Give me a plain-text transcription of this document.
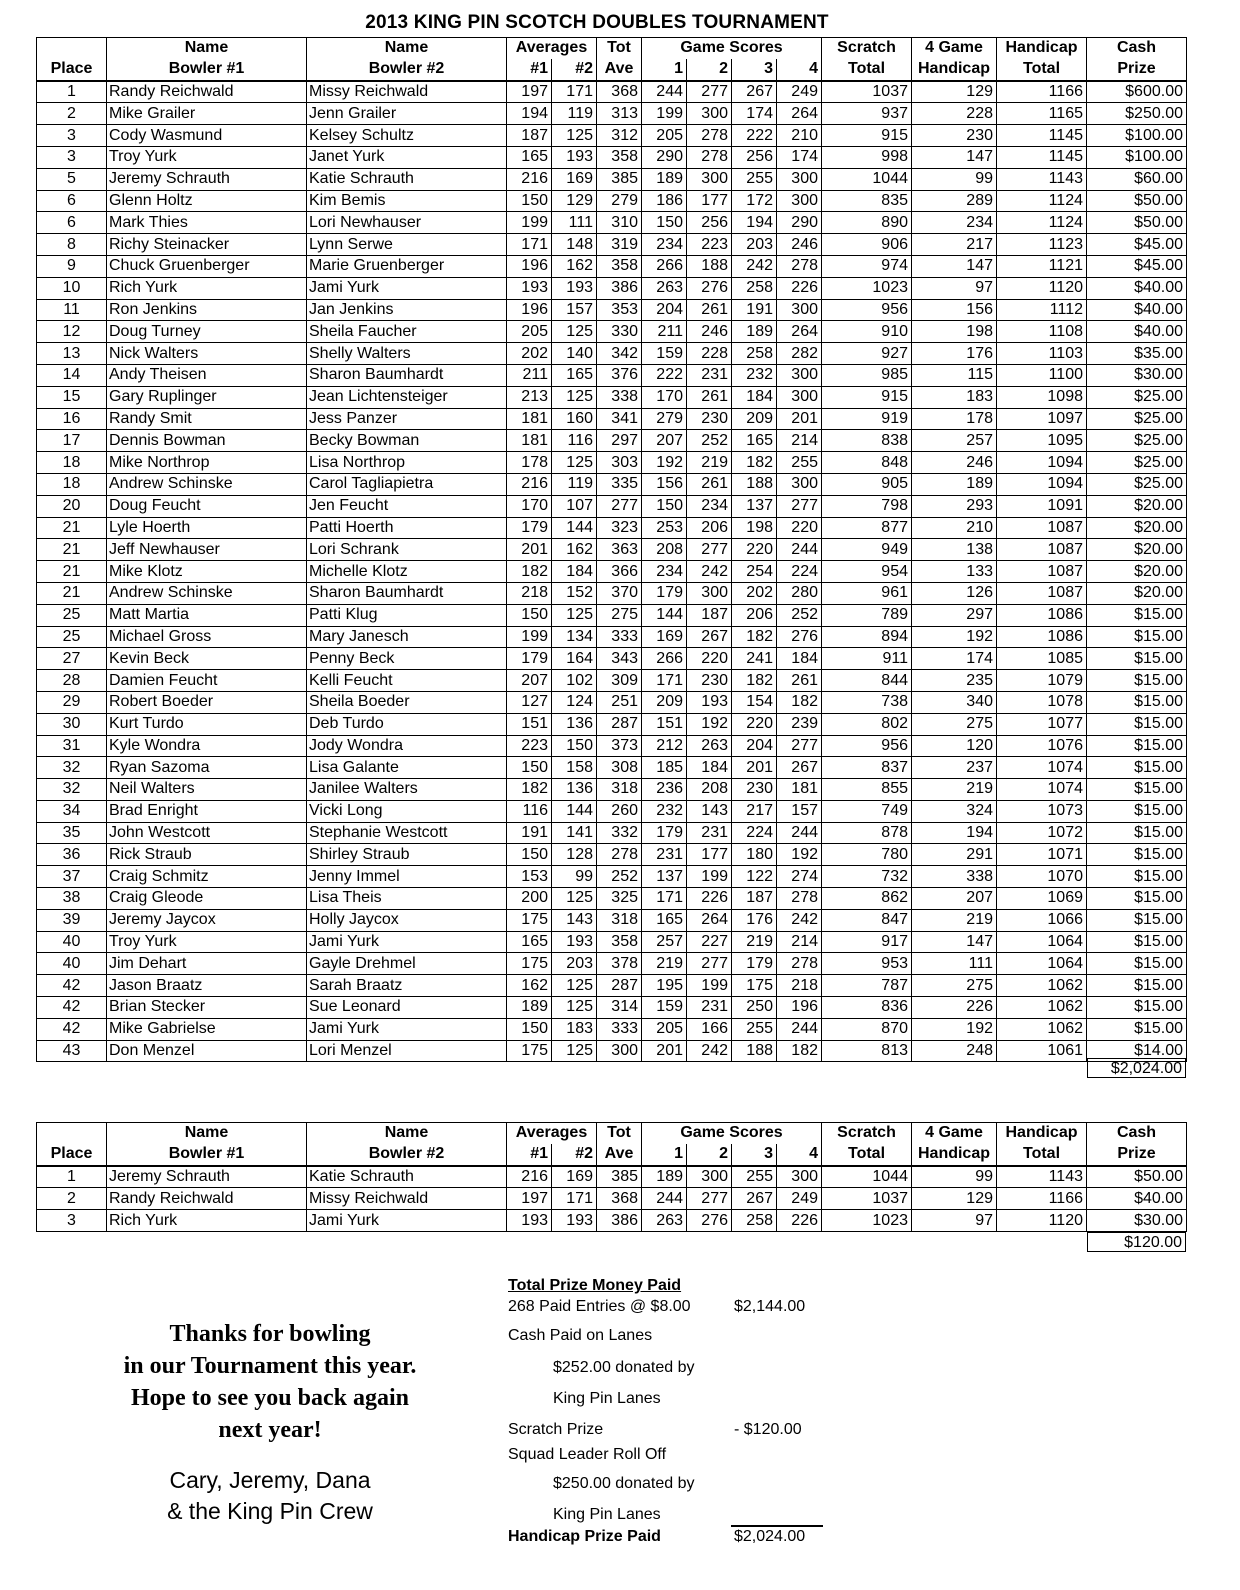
2013 KING PIN SCOTCH DOUBLES TOURNAMENT
	Name	Name	Averages		Tot	Game Scores				Scratch	4 Game	Handicap	Cash
Place	Bowler #1	Bowler #2	#1	#2	Ave	1	2	3	4	Total	Handicap	Total	Prize
1	Randy Reichwald	Missy Reichwald	197	171	368	244	277	267	249	1037	129	1166	$600.00
2	Mike Grailer	Jenn Grailer	194	119	313	199	300	174	264	937	228	1165	$250.00
3	Cody Wasmund	Kelsey Schultz	187	125	312	205	278	222	210	915	230	1145	$100.00
3	Troy Yurk	Janet Yurk	165	193	358	290	278	256	174	998	147	1145	$100.00
5	Jeremy Schrauth	Katie Schrauth	216	169	385	189	300	255	300	1044	99	1143	$60.00
6	Glenn Holtz	Kim Bemis	150	129	279	186	177	172	300	835	289	1124	$50.00
6	Mark Thies	Lori Newhauser	199	111	310	150	256	194	290	890	234	1124	$50.00
8	Richy Steinacker	Lynn Serwe	171	148	319	234	223	203	246	906	217	1123	$45.00
9	Chuck Gruenberger	Marie Gruenberger	196	162	358	266	188	242	278	974	147	1121	$45.00
10	Rich Yurk	Jami Yurk	193	193	386	263	276	258	226	1023	97	1120	$40.00
11	Ron Jenkins	Jan Jenkins	196	157	353	204	261	191	300	956	156	1112	$40.00
12	Doug Turney	Sheila Faucher	205	125	330	211	246	189	264	910	198	1108	$40.00
13	Nick Walters	Shelly Walters	202	140	342	159	228	258	282	927	176	1103	$35.00
14	Andy Theisen	Sharon Baumhardt	211	165	376	222	231	232	300	985	115	1100	$30.00
15	Gary Ruplinger	Jean Lichtensteiger	213	125	338	170	261	184	300	915	183	1098	$25.00
16	Randy Smit	Jess Panzer	181	160	341	279	230	209	201	919	178	1097	$25.00
17	Dennis Bowman	Becky Bowman	181	116	297	207	252	165	214	838	257	1095	$25.00
18	Mike Northrop	Lisa Northrop	178	125	303	192	219	182	255	848	246	1094	$25.00
18	Andrew Schinske	Carol Tagliapietra	216	119	335	156	261	188	300	905	189	1094	$25.00
20	Doug Feucht	Jen Feucht	170	107	277	150	234	137	277	798	293	1091	$20.00
21	Lyle Hoerth	Patti Hoerth	179	144	323	253	206	198	220	877	210	1087	$20.00
21	Jeff Newhauser	Lori Schrank	201	162	363	208	277	220	244	949	138	1087	$20.00
21	Mike Klotz	Michelle Klotz	182	184	366	234	242	254	224	954	133	1087	$20.00
21	Andrew Schinske	Sharon Baumhardt	218	152	370	179	300	202	280	961	126	1087	$20.00
25	Matt Martia	Patti Klug	150	125	275	144	187	206	252	789	297	1086	$15.00
25	Michael Gross	Mary Janesch	199	134	333	169	267	182	276	894	192	1086	$15.00
27	Kevin Beck	Penny Beck	179	164	343	266	220	241	184	911	174	1085	$15.00
28	Damien Feucht	Kelli Feucht	207	102	309	171	230	182	261	844	235	1079	$15.00
29	Robert Boeder	Sheila Boeder	127	124	251	209	193	154	182	738	340	1078	$15.00
30	Kurt Turdo	Deb Turdo	151	136	287	151	192	220	239	802	275	1077	$15.00
31	Kyle Wondra	Jody Wondra	223	150	373	212	263	204	277	956	120	1076	$15.00
32	Ryan Sazoma	Lisa Galante	150	158	308	185	184	201	267	837	237	1074	$15.00
32	Neil Walters	Janilee Walters	182	136	318	236	208	230	181	855	219	1074	$15.00
34	Brad Enright	Vicki Long	116	144	260	232	143	217	157	749	324	1073	$15.00
35	John Westcott	Stephanie Westcott	191	141	332	179	231	224	244	878	194	1072	$15.00
36	Rick Straub	Shirley Straub	150	128	278	231	177	180	192	780	291	1071	$15.00
37	Craig Schmitz	Jenny Immel	153	99	252	137	199	122	274	732	338	1070	$15.00
38	Craig Gleode	Lisa Theis	200	125	325	171	226	187	278	862	207	1069	$15.00
39	Jeremy Jaycox	Holly Jaycox	175	143	318	165	264	176	242	847	219	1066	$15.00
40	Troy Yurk	Jami Yurk	165	193	358	257	227	219	214	917	147	1064	$15.00
40	Jim Dehart	Gayle Drehmel	175	203	378	219	277	179	278	953	111	1064	$15.00
42	Jason Braatz	Sarah Braatz	162	125	287	195	199	175	218	787	275	1062	$15.00
42	Brian Stecker	Sue Leonard	189	125	314	159	231	250	196	836	226	1062	$15.00
42	Mike Gabrielse	Jami Yurk	150	183	333	205	166	255	244	870	192	1062	$15.00
43	Don Menzel	Lori Menzel	175	125	300	201	242	188	182	813	248	1061	$14.00
$2,024.00
	Name	Name	Averages		Tot	Game Scores				Scratch	4 Game	Handicap	Cash
Place	Bowler #1	Bowler #2	#1	#2	Ave	1	2	3	4	Total	Handicap	Total	Prize
1	Jeremy Schrauth	Katie Schrauth	216	169	385	189	300	255	300	1044	99	1143	$50.00
2	Randy Reichwald	Missy Reichwald	197	171	368	244	277	267	249	1037	129	1166	$40.00
3	Rich Yurk	Jami Yurk	193	193	386	263	276	258	226	1023	97	1120	$30.00
$120.00
Thanks for bowling
in our Tournament this year.
Hope to see you back again
next year!
Cary, Jeremy, Dana
& the King Pin Crew
Total Prize Money Paid
268 Paid Entries @ $8.00	$2,144.00
Cash Paid on Lanes
$252.00 donated by
King Pin Lanes
Scratch Prize	- $120.00
Squad Leader Roll Off
$250.00 donated by
King Pin Lanes
Handicap Prize Paid	$2,024.00
